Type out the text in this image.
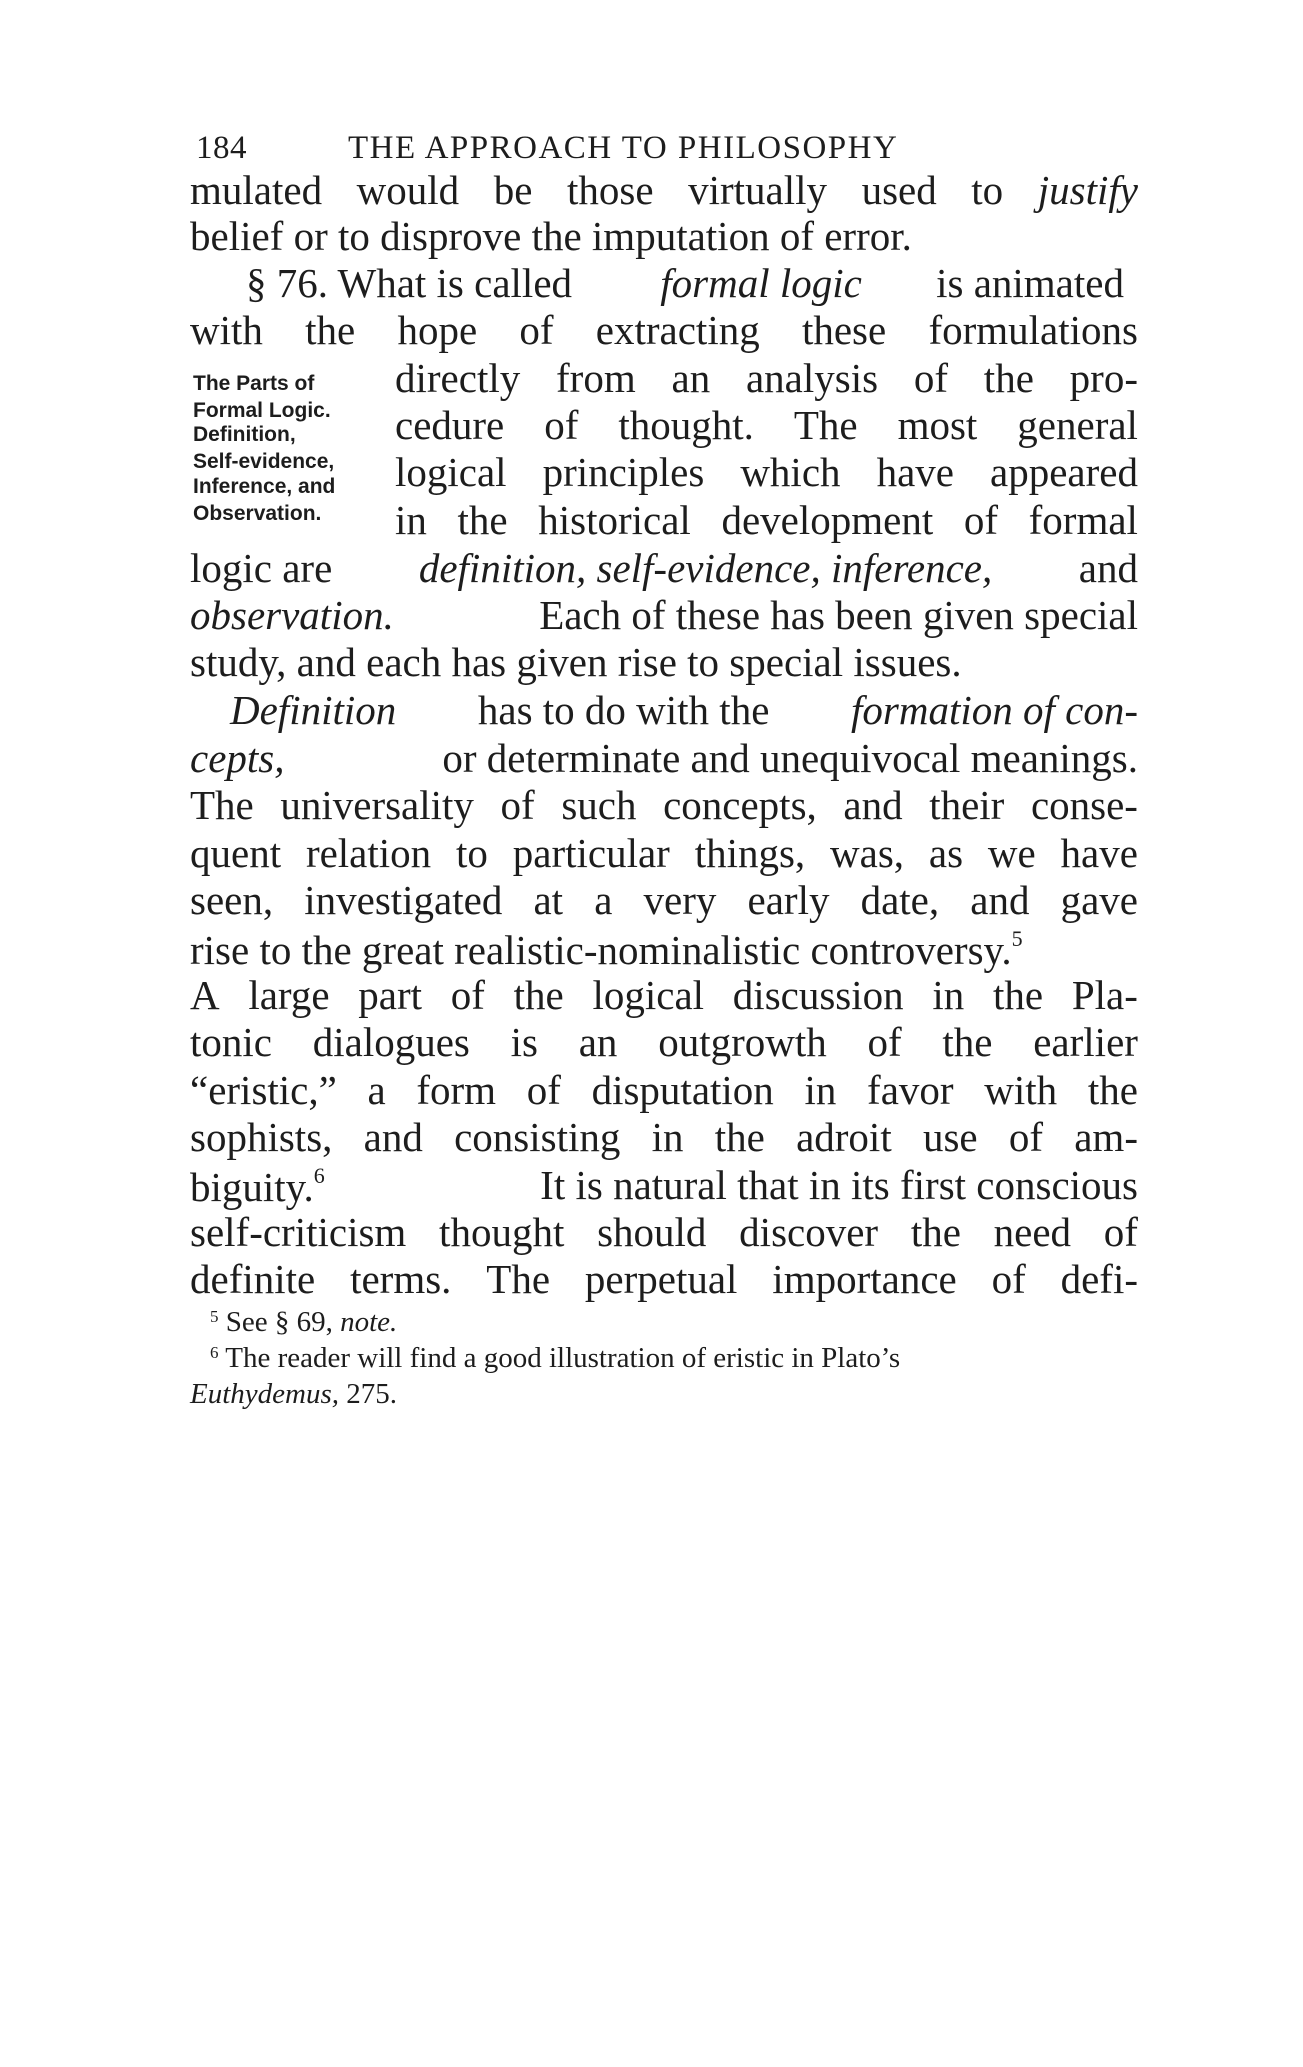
184	THE APPROACH TO PHILOSOPHY
The Parts of
Formal Logic.
Definition,
Self-evidence,
Inference, and
Observation.
mulated would be those virtually used to justify
belief or to disprove the imputation of error.
§ 76. What is called formal logic is animated
with the hope of extracting these formulations
directly from an analysis of the pro-
cedure of thought. The most general
logical principles which have appeared
in the historical development of formal
logic are definition, self-evidence, inference, and
observation.	Each of these has been given special
study, and each has given rise to special issues.
Definition has to do with the formation of con-
cepts,	or determinate and unequivocal meanings.
The universality of such concepts, and their conse-
quent relation to particular things, was, as we have
seen, investigated at a very early date, and gave
rise to the great realistic-nominalistic controversy.$^5$
A large part of the logical discussion in the Pla-
tonic dialogues is an outgrowth of the earlier
“eristic,” a form of disputation in favor with the
sophists, and consisting in the adroit use of am-
biguity.$^6$	It is natural that in its first conscious
self-criticism thought should discover the need of
definite terms. The perpetual importance of defi-
$^5$ See § 69, note.
$^6$ The reader will find a good illustration of eristic in Plato’s
Euthydemus, 275.
